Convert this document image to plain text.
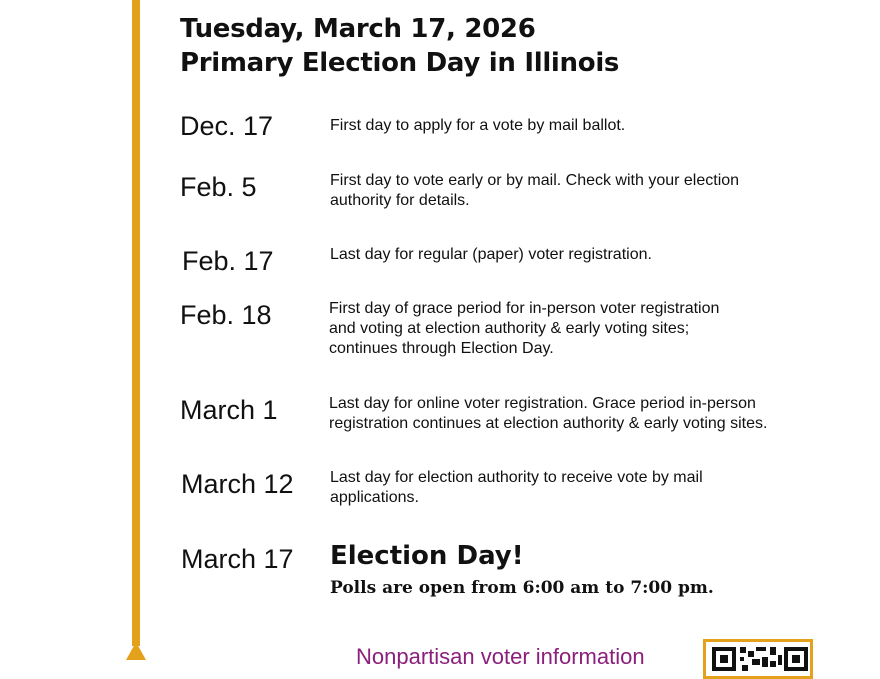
Tuesday, March 17, 2026
Primary Election Day in Illinois
Dec. 17	First day to apply for a vote by mail ballot.
Feb. 5	First day to vote early or by mail. Check with your election
authority for details.
Feb. 17	Last day for regular (paper) voter registration.
Feb. 18	First day of grace period for in-person voter registration
and voting at election authority & early voting sites;
continues through Election Day.
March 1	Last day for online voter registration. Grace period in-person
registration continues at election authority & early voting sites.
March 12 Last day for election authority to receive vote by mail
applications.
March 17 Election Day!
Polls are open from 6:00 am to 7:00 pm.
Nonpartisan voter information
